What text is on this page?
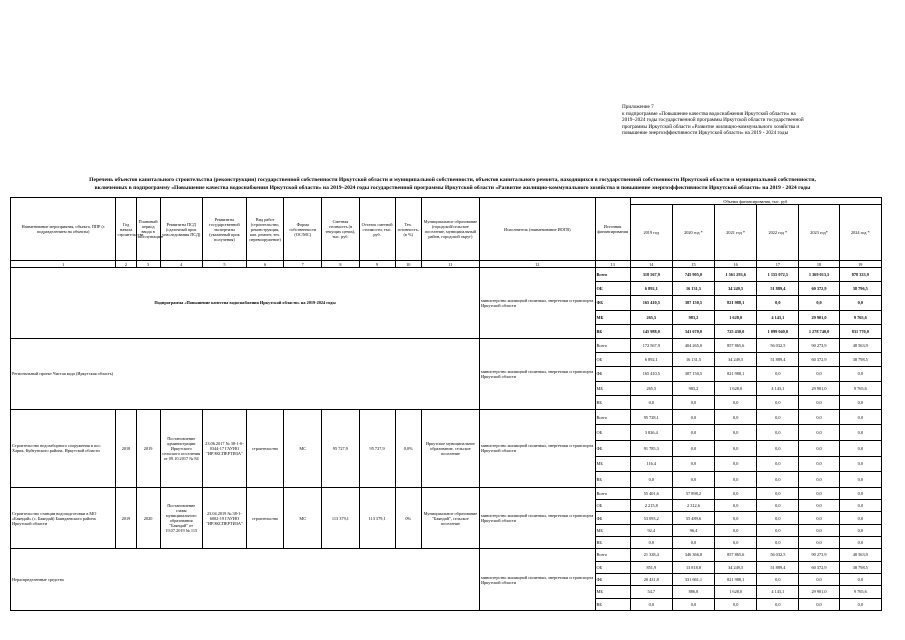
Приложение 7
к подпрограмме «Повышение качества водоснабжения Иркутской области» на
2019–2024 годы государственной программы Иркутской области государственной
программы Иркутской области «Развитие жилищно-коммунального хозяйства и
повышение энергоэффективности Иркутской области» на 2019 - 2024 годы
Перечень объектов капитального строительства (реконструкции) государственной собственности Иркутской области и муниципальной собственности, объектов капитального ремонта, находящихся в государственной собственности Иркутской области и муниципальной собственности,
включенных в подпрограмму «Повышение качества водоснабжения Иркутской области» на 2019–2024 годы государственной программы Иркутской области «Развитие жилищно-коммунального хозяйства и повышение энергоэффективности Иркутской области» на 2019 - 2024 годы
Наименование мероприятия, объекта, ППР (с подразделением на объекты)	Год начала строительства	Плановый период ввода в эксплуатацию	Реквизиты ПСД (сдаточный прок унаследования ПСД)	Реквизиты государственной экспертизы (указанный прок получения)	Вид работ (строительство, реконструкция, кап. ремонт, тех. перевооружение)	Форма собственности (ОС/МС)	Сметная стоимость (в текущих ценах), тыс. руб.	Остаток сметной стоимости, тыс. руб.	Тех. готовность, (в %)	Муниципальное образование (городской/сельское поселение, муниципальный район, городской округ)	Исполнитель (наименование ИОГВ)	Источник финансирования	Объемы финансирования, тыс. руб.					
													2019 год	2020 год *	2021 год *	2022 год *	2023 год*	2024 год *
1	2	3	4	5	6	7	8	9	10	11	12	13	14	15	16	17	18	19
Подпрограмма «Повышение качества водоснабжения Иркутской области» на 2019-2024 годы											министерство жилищной политики, энергетики и транспорта Иркутской области	Всего	318 567,9	745 905,0	1 561 293,6	1 155 072,5	1 369 013,5	878 333,9
												ОБ	6 892,1	16 131,5	34 249,5	51 889,4	60 372,9	38 796,5
												ФБ	165 410,5	387 150,5	821 988,1	0,0	0,0	0,0
												МБ	265,5	983,2	1 628,0	4 143,1	29 901,0	9 765,6
												ВБ	145 988,0	341 670,0	725 430,0	1 099 040,0	1 278 740,0	831 770,0
Региональный проект Чистая вода (Иркутская область)											министерство жилищной политики, энергетики и транспорта Иркутской области	Всего	172 567,9	404 265,0	857 865,6	56 032,5	90 273,9	48 563,9
												ОБ	6 892,1	16 131,5	34 249,5	51 889,4	60 372,9	38 798,5
												ФБ	165 410,5	387 150,5	821 988,1	0,0	0,0	0,0
												МБ	265,5	983,2	1 628,0	4 143,1	29 901,0	9 765,6
												ВБ	0,0	0,0	0,0	0,0	0,0	0,0
Строительство водозаборного сооружения в пос. Харик, Куйтунского района, Иркутской области	2018	2019	Постановление администрации Иркутского сельского поселения от 09.10.2017 № 84	23.06.2017 № 38-1-6-0344-17 ГАУИО "ИРЭКСПЕРТИЗА"	строительство	МС	95 727,9	95 727,9	0,0%	Иркутское муниципальное образование, сельское поселение	министерство жилищной политики, энергетики и транспорта Иркутской области	Всего	95 728,1	0,0	0,0	0,0	0,0	0,0
												ОБ	3 826,4	0,0	0,0	0,0	0,0	0,0
												ФБ	91 785,3	0,0	0,0	0,0	0,0	0,0
												МБ	116,4	0,0	0,0	0,0	0,0	0,0
												ВБ	0,0	0,0	0,0	0,0	0,0	0,0
Строительство станции водоподготовки в МО «Баяндай» (с. Баяндай) Баяндаевского района Иркутской области	2019	2020	Постановление главы муниципального образования "Баяндай" от 19.07.2019 № 115	23.04.2019 № 38-1-6002-19 ГАУИО "ИРЭКСПЕРТИЗА"	строительство	МС	113 379,1	113 379,1	0%	Муниципальное образование "Баяндай", сельское поселение	министерство жилищной политики, энергетики и транспорта Иркутской области	Всего	55 401,6	57 898,2	0,0	0,0	0,0	0,0
												ОБ	2 215,8	2 312,6	0,0	0,0	0,0	0,0
												ФБ	53 093,2	55 489,6	0,0	0,0	0,0	0,0
												МБ	92,4	96,4	0,0	0,0	0,0	0,0
												ВБ	0,0	0,0	0,0	0,0	0,0	0,0
Нераспределенные средства											министерство жилищной политики, энергетики и транспорта Иркутской области	Всего	21 338,4	346 366,8	857 865,6	56 032,5	90 273,9	48 563,9
												ОБ	851,9	13 818,8	34 249,5	51 889,4	60 372,9	38 798,5
												ФБ	20 431,8	331 661,1	821 988,1	0,0	0,0	0,0
												МБ	54,7	886,8	1 628,0	4 143,1	29 901,0	9 765,6
												ВБ	0,0	0,0	0,0	0,0	0,0	0,0
